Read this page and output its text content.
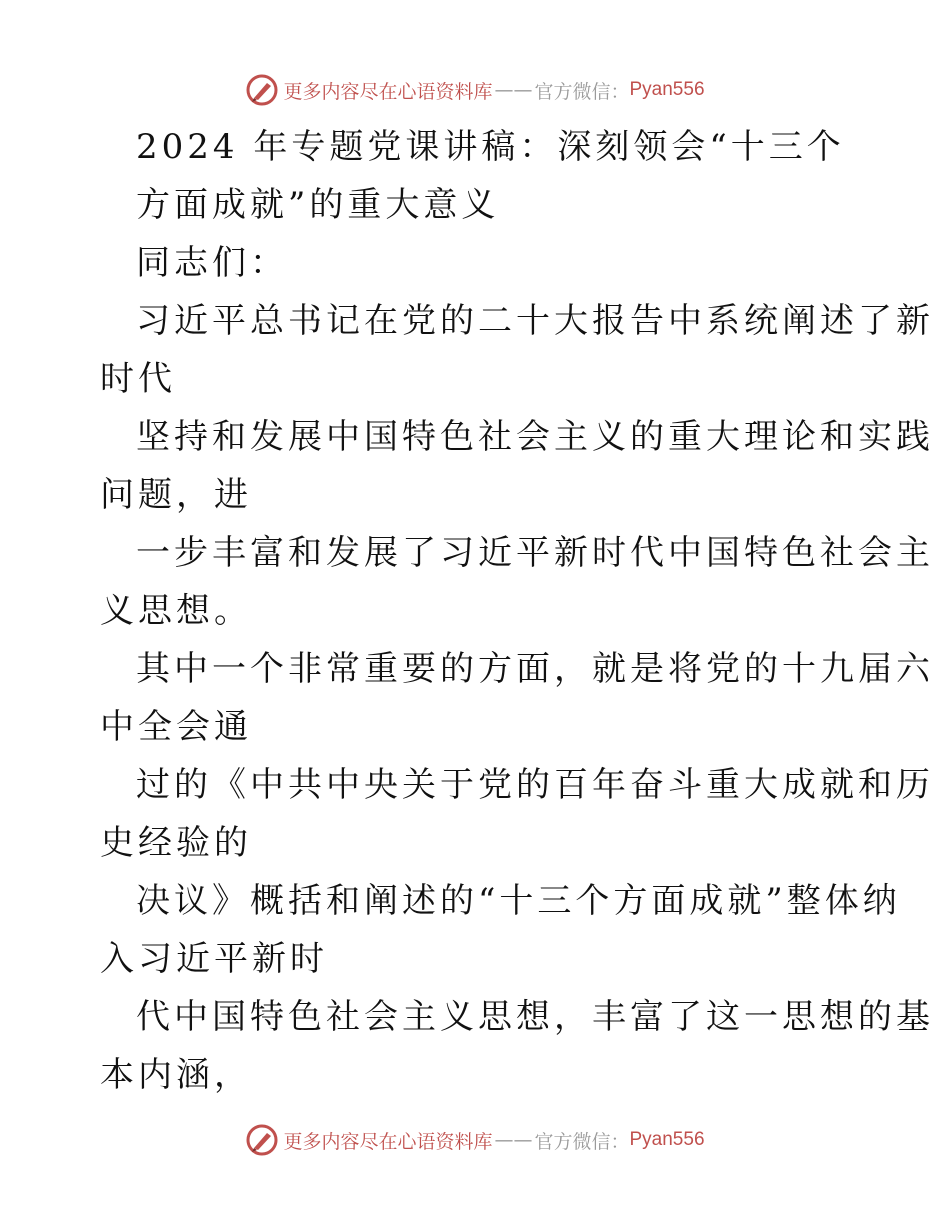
更多内容尽在心语资料库 —— 官方微信： Pyan556
2024 年专题党课讲稿：深刻领会“十三个
方面成就”的重大意义
同志们：
习近平总书记在党的二十大报告中系统阐述了新
时代
坚持和发展中国特色社会主义的重大理论和实践
问题，进
一步丰富和发展了习近平新时代中国特色社会主
义思想。
其中一个非常重要的方面，就是将党的十九届六
中全会通
过的《中共中央关于党的百年奋斗重大成就和历
史经验的
决议》概括和阐述的“十三个方面成就”整体纳
入习近平新时
代中国特色社会主义思想，丰富了这一思想的基
本内涵，
更多内容尽在心语资料库 —— 官方微信： Pyan556
